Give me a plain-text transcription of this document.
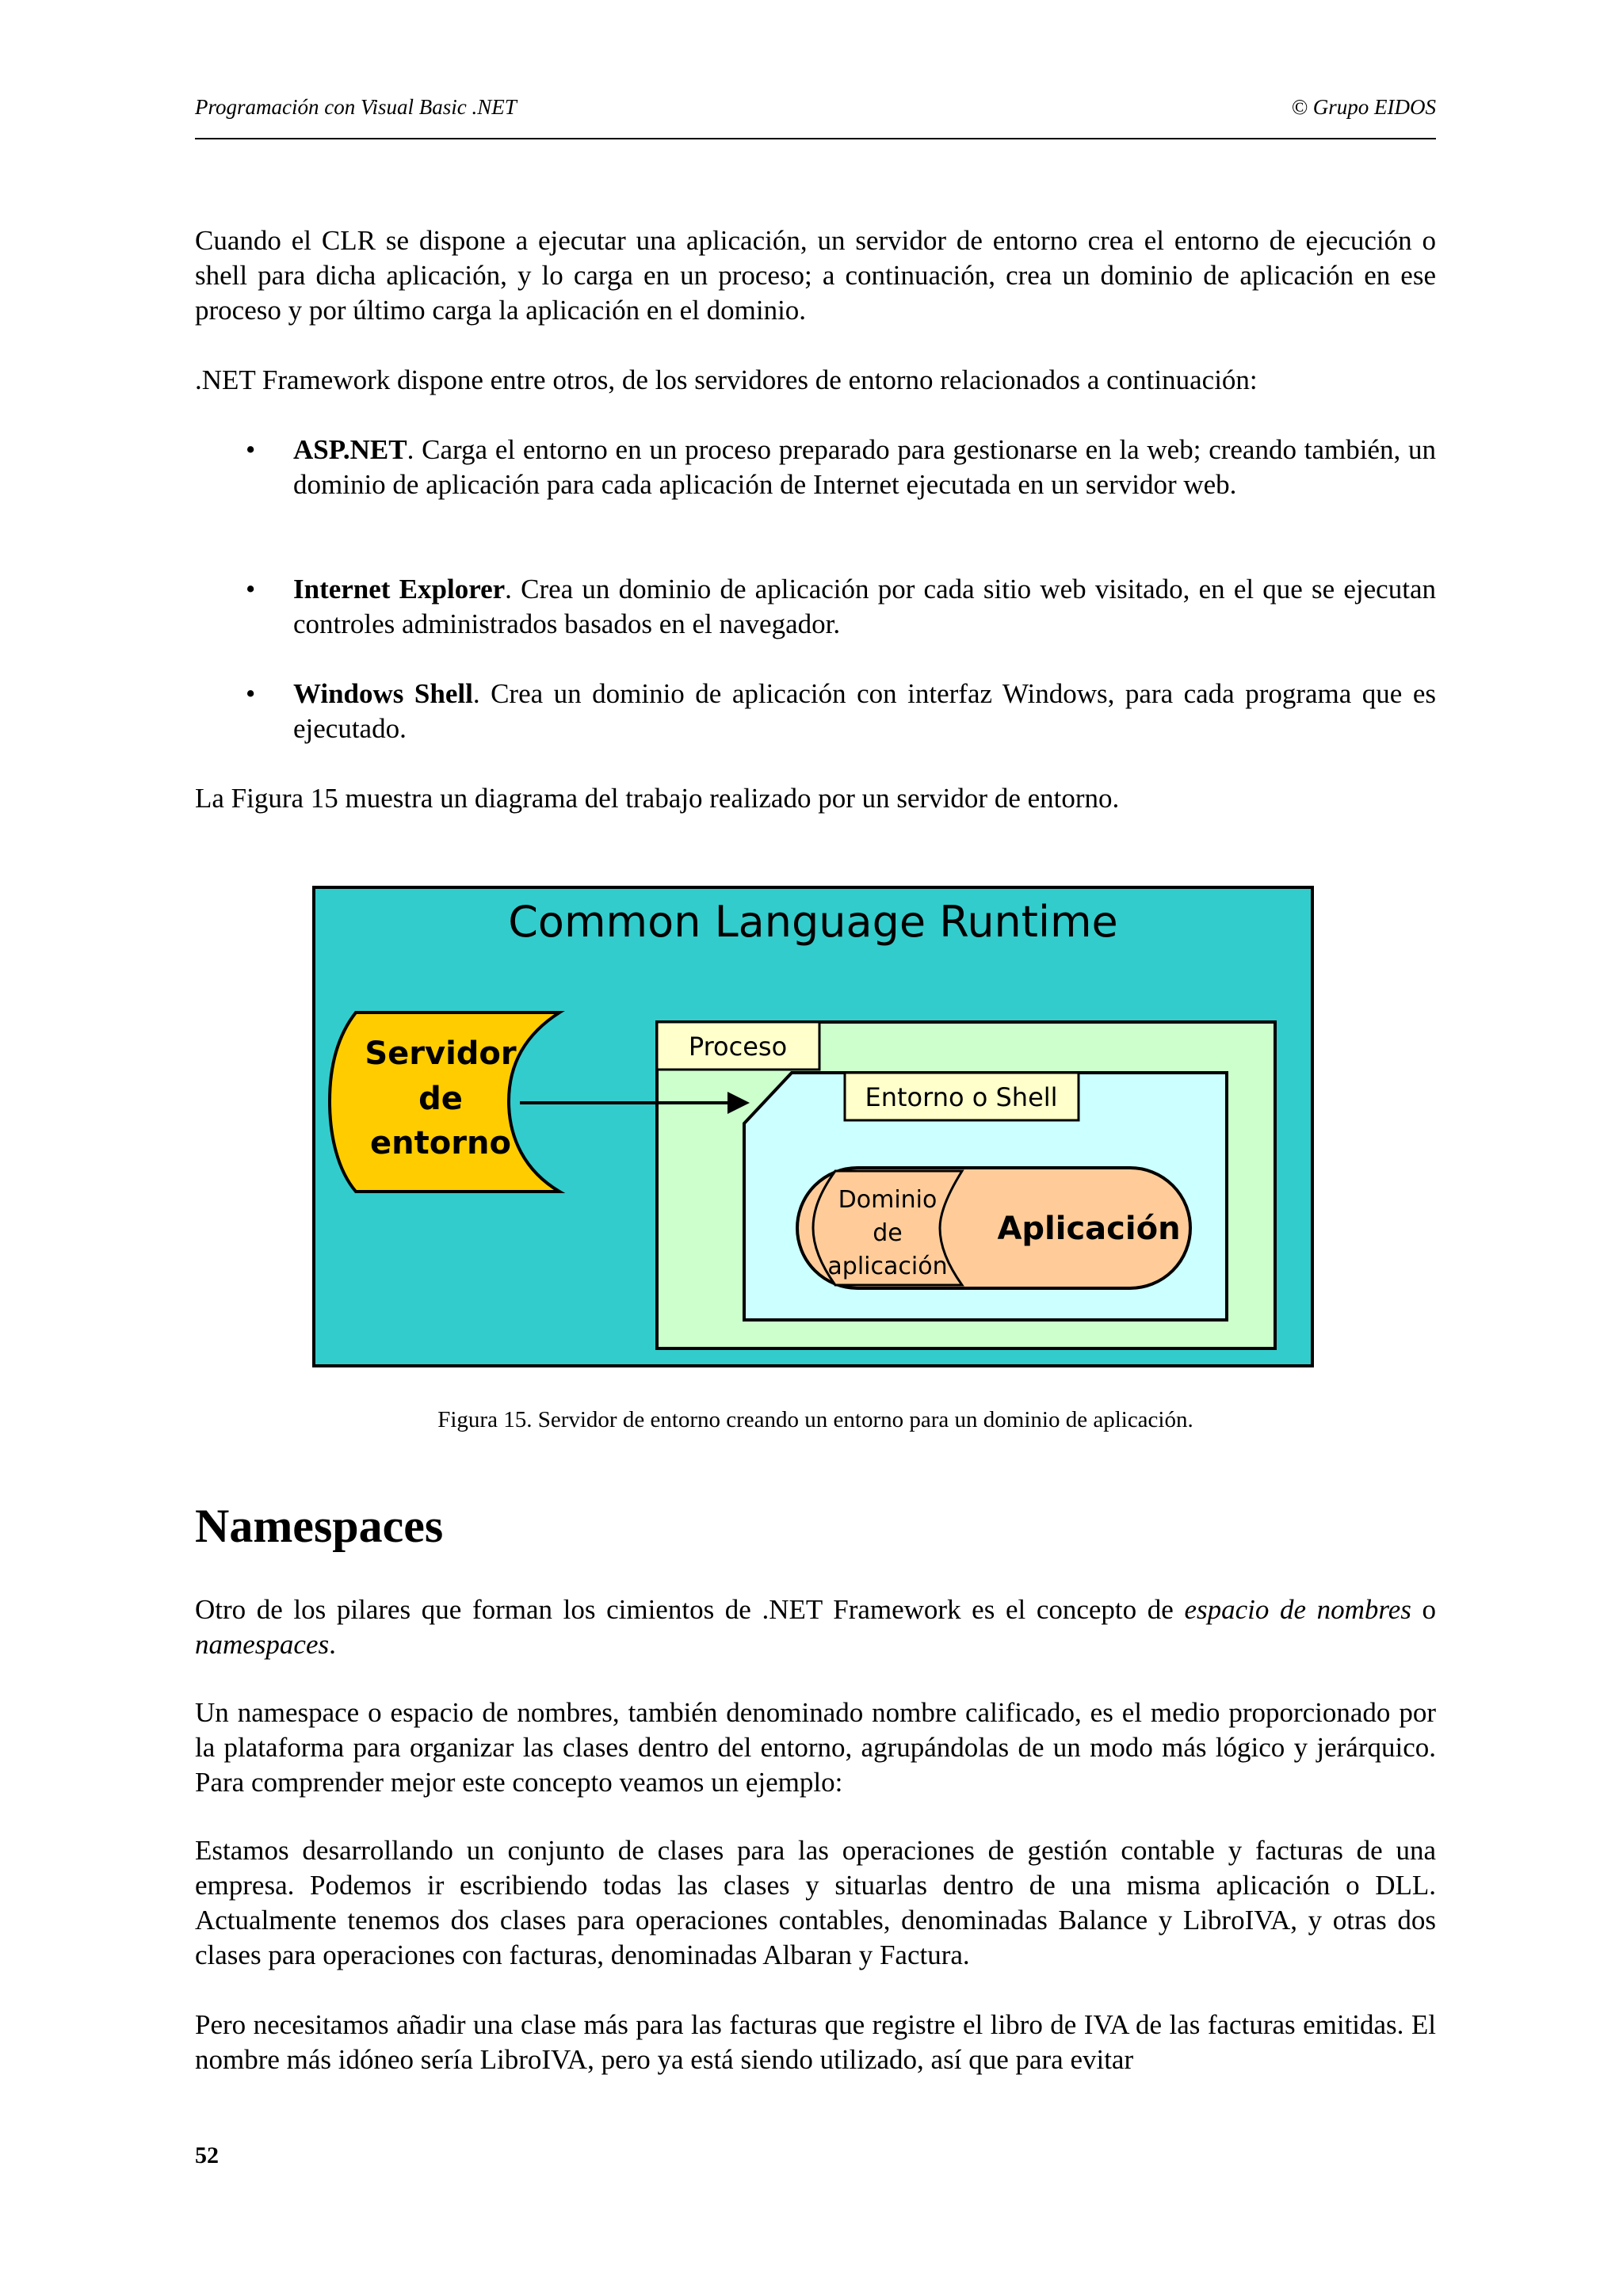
Programación con Visual Basic .NET	© Grupo EIDOS

Cuando el CLR se dispone a ejecutar una aplicación, un servidor de entorno crea el entorno de ejecución o shell para dicha aplicación, y lo carga en un proceso; a continuación, crea un dominio de aplicación en ese proceso y por último carga la aplicación en el dominio.

.NET Framework dispone entre otros, de los servidores de entorno relacionados a continuación:

• ASP.NET. Carga el entorno en un proceso preparado para gestionarse en la web; creando también, un dominio de aplicación para cada aplicación de Internet ejecutada en un servidor web.

• Internet Explorer. Crea un dominio de aplicación por cada sitio web visitado, en el que se ejecutan controles administrados basados en el navegador.

• Windows Shell. Crea un dominio de aplicación con interfaz Windows, para cada programa que es ejecutado.

La Figura 15 muestra un diagrama del trabajo realizado por un servidor de entorno.

Common Language Runtime
Servidor
de
entorno
Proceso
Entorno o Shell
Dominio
de
aplicación
Aplicación
Figura 15. Servidor de entorno creando un entorno para un dominio de aplicación.
Namespaces

Otro de los pilares que forman los cimientos de .NET Framework es el concepto de espacio de nombres o namespaces.

Un namespace o espacio de nombres, también denominado nombre calificado, es el medio proporcionado por la plataforma para organizar las clases dentro del entorno, agrupándolas de un modo más lógico y jerárquico. Para comprender mejor este concepto veamos un ejemplo:

Estamos desarrollando un conjunto de clases para las operaciones de gestión contable y facturas de una empresa. Podemos ir escribiendo todas las clases y situarlas dentro de una misma aplicación o DLL. Actualmente tenemos dos clases para operaciones contables, denominadas Balance y LibroIVA, y otras dos clases para operaciones con facturas, denominadas Albaran y Factura.

Pero necesitamos añadir una clase más para las facturas que registre el libro de IVA de las facturas emitidas. El nombre más idóneo sería LibroIVA, pero ya está siendo utilizado, así que para evitar

52
